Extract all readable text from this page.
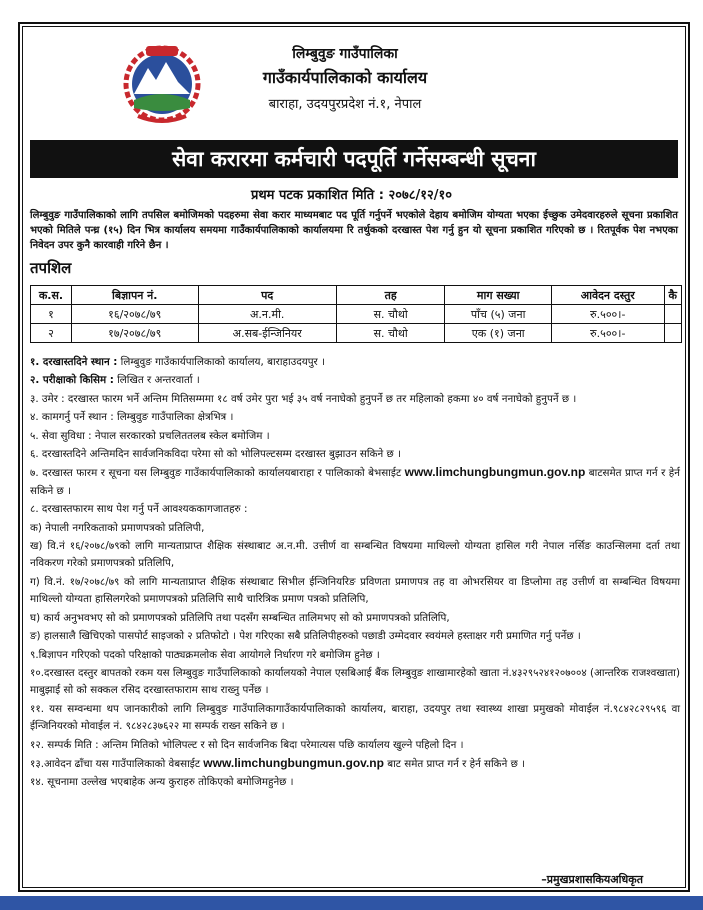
लिम्बुवुङ गाउँपालिका
गाउँकार्यपालिकाको कार्यालय
बाराहा, उदयपुरप्रदेश नं.१, नेपाल
सेवा करारमा कर्मचारी पदपूर्ति गर्नेसम्बन्धी सूचना
प्रथम पटक प्रकाशित मिति : २०७८/१२/१०
लिम्बुवुङ गाउँपालिकाको लागि तपसिल बमोजिमको पदहरुमा सेवा करार माध्यमबाट पद पूर्ति गर्नुपर्ने भएकोले देहाय बमोजिम योग्यता भएका ईच्छुक उमेदवारहरुले सूचना प्रकाशित भएको मितिले पन्ध्र (१५) दिन भित्र कार्यालय समयमा गाउँकार्यपालिकाको कार्यालयमा रि तर्थुकको दरखास्त पेश गर्नु हुन यो सूचना प्रकाशित गरिएको छ । रितपूर्वक पेश नभएका निवेदन उपर कुनै कारवाही गरिने छैन ।
तपशिल
क.स.	बिज्ञापन नं.	पद	तह	माग सख्या	आवेदन दस्तुर	कै
१	१६/२०७८/७९	अ.न.मी.	स. चौथो	पाँच (५) जना	रु.५००।-	
२	१७/२०७८/७९	अ.सब-ईन्जिनियर	स. चौथो	एक (१) जना	रु.५००।-	

१. दरखास्तदिने स्थान : लिम्बुवुङ गाउँकार्यपालिकाको कार्यालय, बाराहाउदयपुर ।

२. परीक्षाको किसिम : लिखित र अन्तरवार्ता ।

३. उमेर : दरखास्त फारम भर्ने अन्तिम मितिसम्ममा १८ वर्ष उमेर पुरा भई ३५ वर्ष ननाघेको हुनुपर्ने छ तर महिलाको हकमा ४० वर्ष ननाघेको हुनुपर्ने छ ।

४. कामगर्नु पर्ने स्थान : लिम्बुवुङ गाउँपालिका क्षेत्रभित्र ।

५. सेवा सुविधा : नेपाल सरकारको प्रचलिततलब स्केल बमोजिम ।

६. दरखास्तदिने अन्तिमदिन सार्वजनिकविदा परेमा सो को भोलिपल्टसम्म दरखास्त बुझाउन सकिने छ ।

७. दरखास्त फारम र सूचना यस लिम्बुवुङ गाउँकार्यपालिकाको कार्यालयबाराहा र पालिकाको बेभसाईट www.limchungbungmun.gov.np बाटसमेत प्राप्त गर्न र हेर्न सकिने छ ।

८. दरखास्तफारम साथ पेश गर्नु पर्ने आवश्यककागजातहरु :

क) नेपाली नगरिकताको प्रमाणपत्रको प्रतिलिपी,

ख) वि.नं १६/२०७८/७९को लागि मान्यताप्राप्त शैक्षिक संस्थाबाट अ.न.मी. उत्तीर्ण वा सम्बन्धित विषयमा माथिल्लो योग्यता हासिल गरी नेपाल नर्सिङ काउन्सिलमा दर्ता तथा नविकरण गरेको प्रमाणपत्रको प्रतिलिपि,

ग) वि.नं. १७/२०७८/७९ को लागि मान्यताप्राप्त शैक्षिक संस्थाबाट सिभील ईन्जिनियरिङ प्रविणता प्रमाणपत्र तह वा ओभरसियर वा डिप्लोमा तह उत्तीर्ण वा सम्बन्धित विषयमा माथिल्लो योग्यता हासिलगरेको प्रमाणपत्रको प्रतिलिपि साथै चारित्रिक प्रमाण पत्रको प्रतिलिपि,

घ) कार्य अनुभवभए सो को प्रमाणपत्रको प्रतिलिपि तथा पदसँग सम्बन्धित तालिमभए सो को प्रमाणपत्रको प्रतिलिपि,

ङ) हालसालै खिचिएको पासपोर्ट साइजको २ प्रतिफोटो । पेश गरिएका सबै प्रतिलिपीहरुको पछाडी उम्मेदवार स्वयंमले हस्ताक्षर गरी प्रमाणित गर्नु पर्नेछ ।

९.बिज्ञापन गरिएको पदको परिक्षाको पाठ्यक्रमलोक सेवा आयोगले निर्धारण गरे बमोजिम हुनेछ ।

१०.दरखास्त दस्तुर बापतको रकम यस लिम्बुवुङ गाउँपालिकाको कार्यालयको नेपाल एसबिआई बैंक लिम्बुवुङ शाखामारहेको खाता नं.४३२९५२४१२०७००४ (आन्तरिक राजश्वखाता) माबुझाई सो को सक्कल रसिद दरखास्तफाराम साथ राख्नु पर्नेछ ।

११. यस सम्वन्धमा थप जानकारीको लागि लिम्बुवुङ गाउँपालिकागाउँकार्यपालिकाको कार्यालय, बाराहा, उदयपुर तथा स्वास्थ्य शाखा प्रमुखको मोवाईल नं.९८४२८२९५९६ वा ईन्जिनियरको मोवाईल नं. ९८४२८३७६२२ मा सम्पर्क राख्न सकिने छ ।

१२. सम्पर्क मिति : अन्तिम मितिको भोलिपल्ट र सो दिन सार्वजनिक बिदा परेमात्यस पछि कार्यालय खुल्ने पहिलो दिन ।

१३.आवेदन ढाँचा यस गाउँपालिकाको वेबसाईट www.limchungbungmun.gov.np बाट समेत प्राप्त गर्न र हेर्न सकिने छ ।

१४. सूचनामा उल्लेख भएबाहेक अन्य कुराहरु तोकिएको बमोजिमहुनेछ ।

–प्रमुखप्रशासकियअधिकृत
